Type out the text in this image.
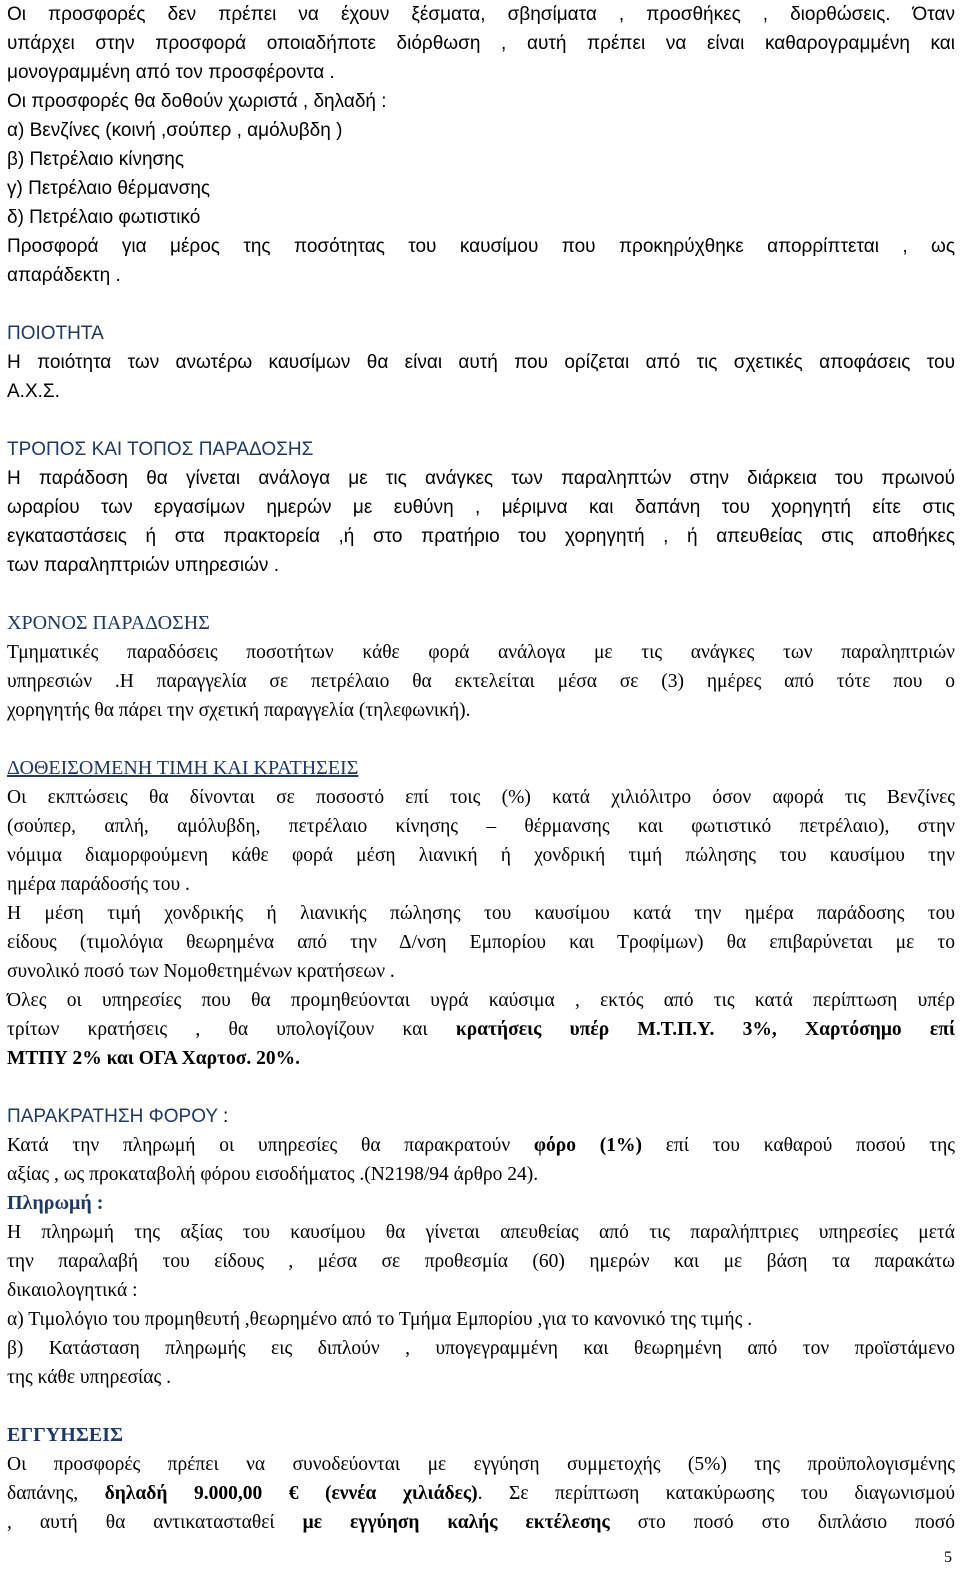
Οι προσφορές δεν πρέπει να έχουν ξέσματα, σβησίματα , προσθήκες , διορθώσεις. Όταν
υπάρχει στην προσφορά οποιαδήποτε διόρθωση , αυτή πρέπει να είναι καθαρογραμμένη και
μονογραμμένη από τον προσφέροντα .
Οι προσφορές θα δοθούν χωριστά , δηλαδή :
α) Βενζίνες (κοινή ,σούπερ , αμόλυβδη )
β) Πετρέλαιο κίνησης
γ) Πετρέλαιο θέρμανσης
δ) Πετρέλαιο φωτιστικό
Προσφορά για μέρος της ποσότητας του καυσίμου που προκηρύχθηκε απορρίπτεται , ως
απαράδεκτη .
ΠΟΙΟΤΗΤΑ
Η ποιότητα των ανωτέρω καυσίμων θα είναι αυτή που ορίζεται από τις σχετικές αποφάσεις του
Α.Χ.Σ.
ΤΡΟΠΟΣ ΚΑΙ ΤΟΠΟΣ ΠΑΡΑΔΟΣΗΣ
Η παράδοση θα γίνεται ανάλογα με τις ανάγκες των παραληπτών στην διάρκεια του πρωινού
ωραρίου των εργασίμων ημερών με ευθύνη , μέριμνα και δαπάνη του χορηγητή είτε στις
εγκαταστάσεις ή στα πρακτορεία ,ή στο πρατήριο του χορηγητή , ή απευθείας στις αποθήκες
των παραληπτριών υπηρεσιών .
ΧΡΟΝΟΣ ΠΑΡΑΔΟΣΗΣ
Τμηματικές παραδόσεις ποσοτήτων κάθε φορά ανάλογα με τις ανάγκες των παραληπτριών
υπηρεσιών .Η παραγγελία σε πετρέλαιο θα εκτελείται μέσα σε (3) ημέρες από τότε που ο
χορηγητής θα πάρει την σχετική παραγγελία (τηλεφωνική).
ΔΟΘΕΙΣΟΜΕΝΗ ΤΙΜΗ ΚΑΙ ΚΡΑΤΗΣΕΙΣ
Οι εκπτώσεις θα δίνονται σε ποσοστό επί τοις (%) κατά χιλιόλιτρο όσον αφορά τις Βενζίνες
(σούπερ, απλή, αμόλυβδη, πετρέλαιο κίνησης – θέρμανσης και φωτιστικό πετρέλαιο), στην
νόμιμα διαμορφούμενη κάθε φορά μέση λιανική ή χονδρική τιμή πώλησης του καυσίμου την
ημέρα παράδοσής του .
Η μέση τιμή χονδρικής ή λιανικής πώλησης του καυσίμου κατά την ημέρα παράδοσης του
είδους (τιμολόγια θεωρημένα από την Δ/νση Εμπορίου και Τροφίμων) θα επιβαρύνεται με το
συνολικό ποσό των Νομοθετημένων κρατήσεων .
Όλες οι υπηρεσίες που θα προμηθεύονται υγρά καύσιμα , εκτός από τις κατά περίπτωση υπέρ
τρίτων κρατήσεις , θα υπολογίζουν και κρατήσεις υπέρ Μ.Τ.Π.Υ. 3%, Χαρτόσημο επί
ΜΤΠΥ 2% και ΟΓΑ Χαρτοσ. 20%.
ΠΑΡΑΚΡΑΤΗΣΗ ΦΟΡΟΥ :
Κατά την πληρωμή οι υπηρεσίες θα παρακρατούν φόρο (1%) επί του καθαρού ποσού της
αξίας , ως προκαταβολή φόρου εισοδήματος .(Ν2198/94 άρθρο 24).
Πληρωμή :
Η πληρωμή της αξίας του καυσίμου θα γίνεται απευθείας από τις παραλήπτριες υπηρεσίες μετά
την παραλαβή του είδους , μέσα σε προθεσμία (60) ημερών και με βάση τα παρακάτω
δικαιολογητικά :
α) Τιμολόγιο του προμηθευτή ,θεωρημένο από το Τμήμα Εμπορίου ,για το κανονικό της τιμής .
β) Κατάσταση πληρωμής εις διπλούν , υπογεγραμμένη και θεωρημένη από τον προϊστάμενο
της κάθε υπηρεσίας .
ΕΓΓΥΗΣΕΙΣ
Οι προσφορές πρέπει να συνοδεύονται με εγγύηση συμμετοχής (5%) της προϋπολογισμένης
δαπάνης, δηλαδή 9.000,00 € (εννέα χιλιάδες). Σε περίπτωση κατακύρωσης του διαγωνισμού
, αυτή θα αντικατασταθεί με εγγύηση καλής εκτέλεσης στο ποσό στο διπλάσιο ποσό
5
